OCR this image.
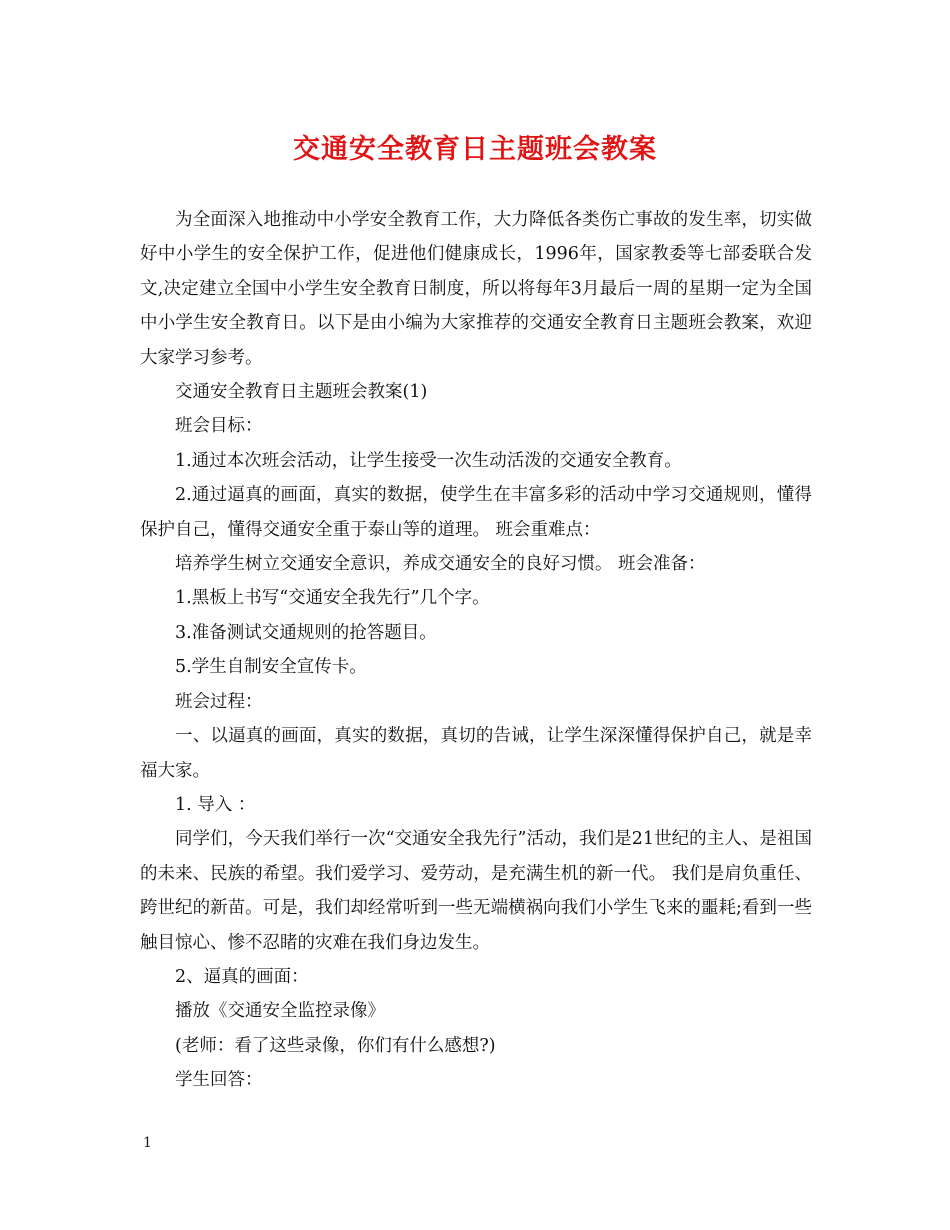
交通安全教育日主题班会教案

为全面深入地推动中小学安全教育工作，大力降低各类伤亡事故的发生率，切实做好中小学生的安全保护工作，促进他们健康成长，1996年，国家教委等七部委联合发文,决定建立全国中小学生安全教育日制度，所以将每年3月最后一周的星期一定为全国中小学生安全教育日。以下是由小编为大家推荐的交通安全教育日主题班会教案，欢迎大家学习参考。

交通安全教育日主题班会教案(1)

班会目标：

1.通过本次班会活动，让学生接受一次生动活泼的交通安全教育。

2.通过逼真的画面，真实的数据，使学生在丰富多彩的活动中学习交通规则，懂得保护自己，懂得交通安全重于泰山等的道理。 班会重难点：

培养学生树立交通安全意识，养成交通安全的良好习惯。 班会准备：

1.黑板上书写“交通安全我先行”几个字。

3.准备测试交通规则的抢答题目。

5.学生自制安全宣传卡。

班会过程：

一、以逼真的画面，真实的数据，真切的告诫，让学生深深懂得保护自己，就是幸福大家。

1. 导入 ：

同学们，今天我们举行一次“交通安全我先行”活动，我们是21世纪的主人、是祖国的未来、民族的希望。我们爱学习、爱劳动，是充满生机的新一代。 我们是肩负重任、跨世纪的新苗。可是，我们却经常听到一些无端横祸向我们小学生飞来的噩耗;看到一些触目惊心、惨不忍睹的灾难在我们身边发生。

2、逼真的画面：

播放《交通安全监控录像》

(老师：看了这些录像，你们有什么感想?)

学生回答：

1
